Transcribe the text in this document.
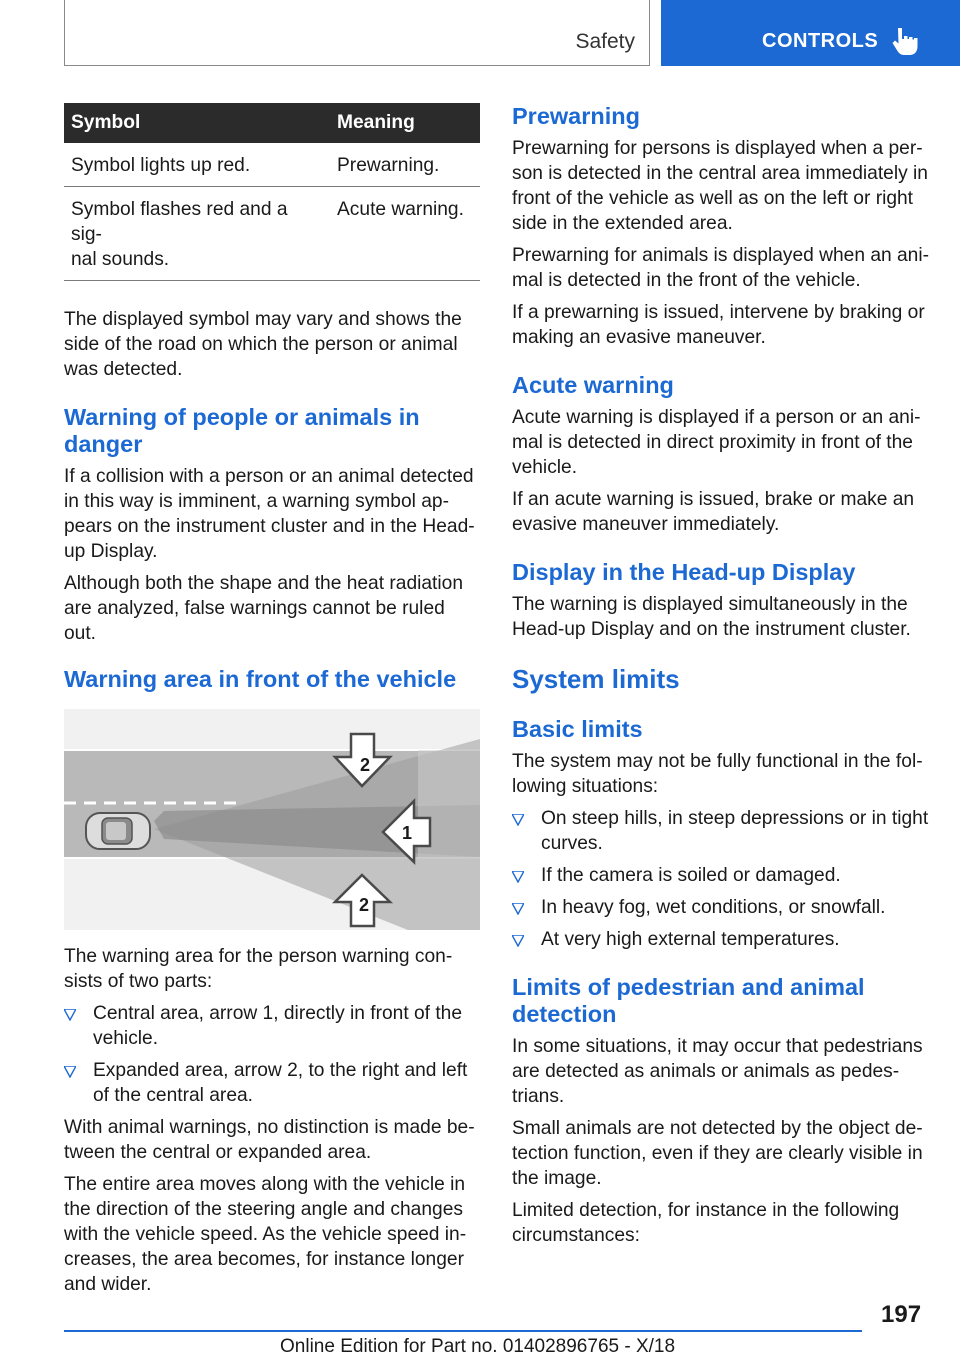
Safety	CONTROLS
Symbol	Meaning
Symbol lights up red.	Prewarning.
Symbol flashes red and a sig-
nal sounds.	Acute warning.

The displayed symbol may vary and shows the side of the road on which the person or animal was detected.

Warning of people or animals in danger

If a collision with a person or an animal detected in this way is imminent, a warning symbol ap-pears on the instrument cluster and in the Head-up Display.

Although both the shape and the heat radiation are analyzed, false warnings cannot be ruled out.

Warning area in front of the vehicle
2
1
2

The warning area for the person warning con-sists of two parts:

Central area, arrow 1, directly in front of the vehicle.
Expanded area, arrow 2, to the right and left of the central area.

With animal warnings, no distinction is made be-tween the central or expanded area.

The entire area moves along with the vehicle in the direction of the steering angle and changes with the vehicle speed. As the vehicle speed in-creases, the area becomes, for instance longer and wider.

Prewarning

Prewarning for persons is displayed when a per-son is detected in the central area immediately in front of the vehicle as well as on the left or right side in the extended area.

Prewarning for animals is displayed when an ani-mal is detected in the front of the vehicle.

If a prewarning is issued, intervene by braking or making an evasive maneuver.

Acute warning

Acute warning is displayed if a person or an ani-mal is detected in direct proximity in front of the vehicle.

If an acute warning is issued, brake or make an evasive maneuver immediately.

Display in the Head-up Display

The warning is displayed simultaneously in the Head-up Display and on the instrument cluster.

System limits
Basic limits

The system may not be fully functional in the fol-lowing situations:

On steep hills, in steep depressions or in tight curves.
If the camera is soiled or damaged.
In heavy fog, wet conditions, or snowfall.
At very high external temperatures.
Limits of pedestrian and animal detection

In some situations, it may occur that pedestrians are detected as animals or animals as pedes-trians.

Small animals are not detected by the object de-tection function, even if they are clearly visible in the image.

Limited detection, for instance in the following circumstances:

197
Online Edition for Part no. 01402896765 - X/18
